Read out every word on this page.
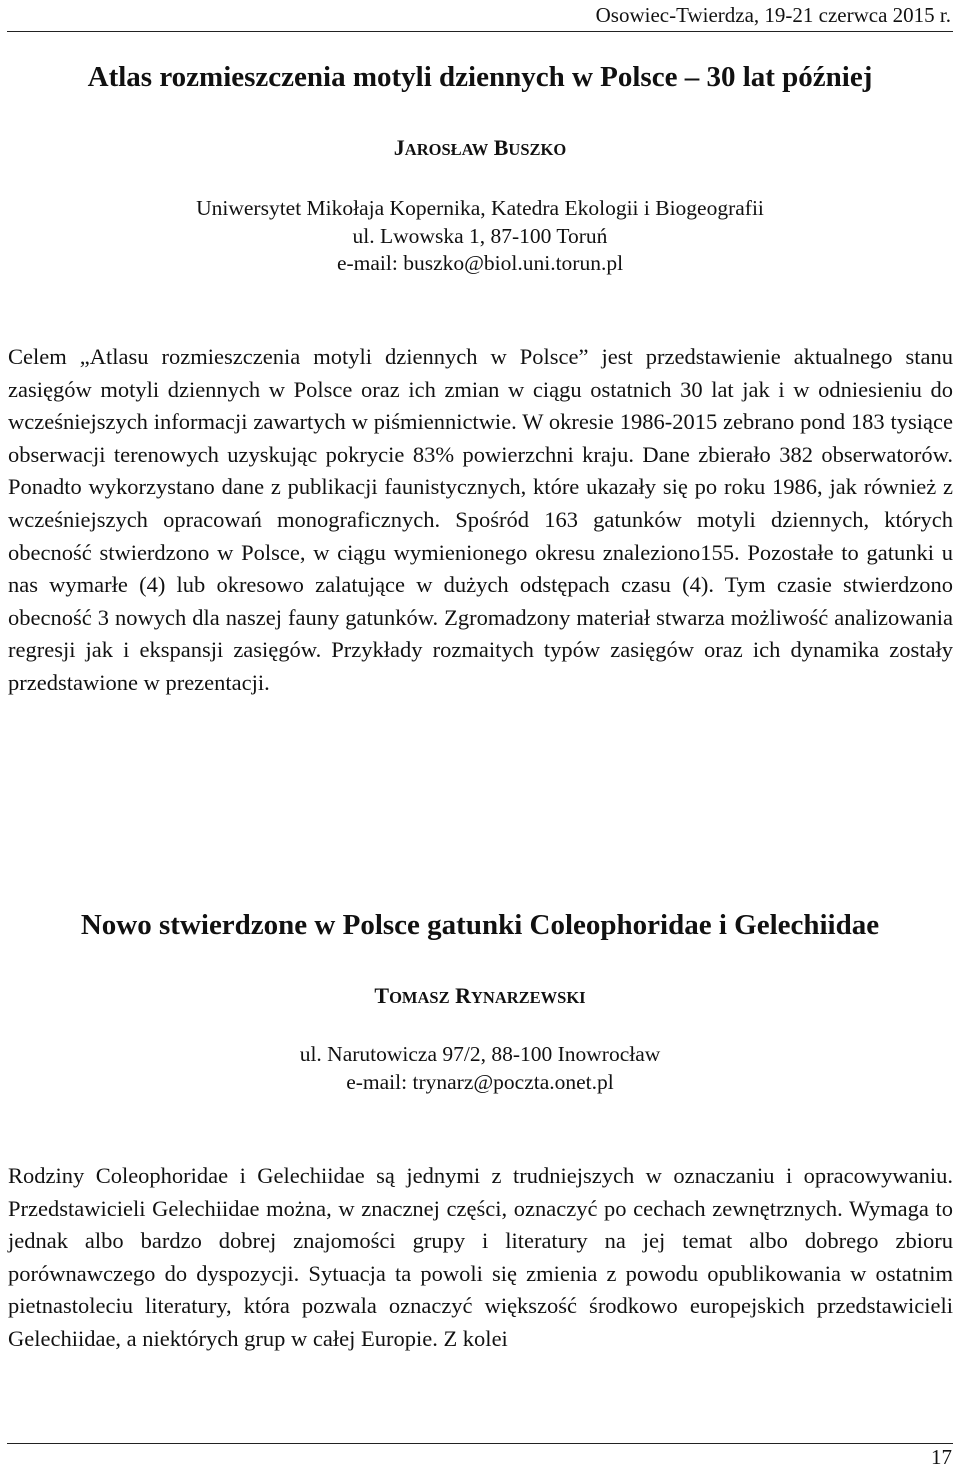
Osowiec-Twierdza, 19-21 czerwca 2015 r.
Atlas rozmieszczenia motyli dziennych w Polsce – 30 lat później
JAROSŁAW BUSZKO
Uniwersytet Mikołaja Kopernika, Katedra Ekologii i Biogeografii
ul. Lwowska 1, 87-100 Toruń
e-mail: buszko@biol.uni.torun.pl

Celem „Atlasu rozmieszczenia motyli dziennych w Polsce” jest przedstawienie aktualnego stanu zasięgów motyli dziennych w Polsce oraz ich zmian w ciągu ostatnich 30 lat jak i w odniesieniu do wcześniejszych informacji zawartych w piśmiennictwie. W okresie 1986-2015 zebrano pond 183 tysiące obserwacji terenowych uzyskując pokrycie 83% powierzchni kraju. Dane zbierało 382 obserwatorów. Ponadto wykorzystano dane z publikacji faunistycznych, które ukazały się po roku 1986, jak również z wcześniejszych opracowań monograficznych. Spośród 163 gatunków motyli dziennych, których obecność stwierdzono w Polsce, w ciągu wymienionego okresu znaleziono155. Pozostałe to gatunki u nas wymarłe (4) lub okresowo zalatujące w dużych odstępach czasu (4). Tym czasie stwierdzono obecność 3 nowych dla naszej fauny gatunków. Zgromadzony materiał stwarza możliwość analizowania regresji jak i ekspansji zasięgów. Przykłady rozmaitych typów zasięgów oraz ich dynamika zostały przedstawione w prezentacji.

Nowo stwierdzone w Polsce gatunki Coleophoridae i Gelechiidae
TOMASZ RYNARZEWSKI
ul. Narutowicza 97/2, 88-100 Inowrocław
e-mail: trynarz@poczta.onet.pl

Rodziny Coleophoridae i Gelechiidae są jednymi z trudniejszych w oznaczaniu i opracowywaniu. Przedstawicieli Gelechiidae można, w znacznej części, oznaczyć po cechach zewnętrznych. Wymaga to jednak albo bardzo dobrej znajomości grupy i literatury na jej temat albo dobrego zbioru porównawczego do dyspozycji. Sytuacja ta powoli się zmienia z powodu opublikowania w ostatnim pietnastoleciu literatury, która pozwala oznaczyć większość środkowo europejskich przedstawicieli Gelechiidae, a niektórych grup w całej Europie. Z kolei

17
